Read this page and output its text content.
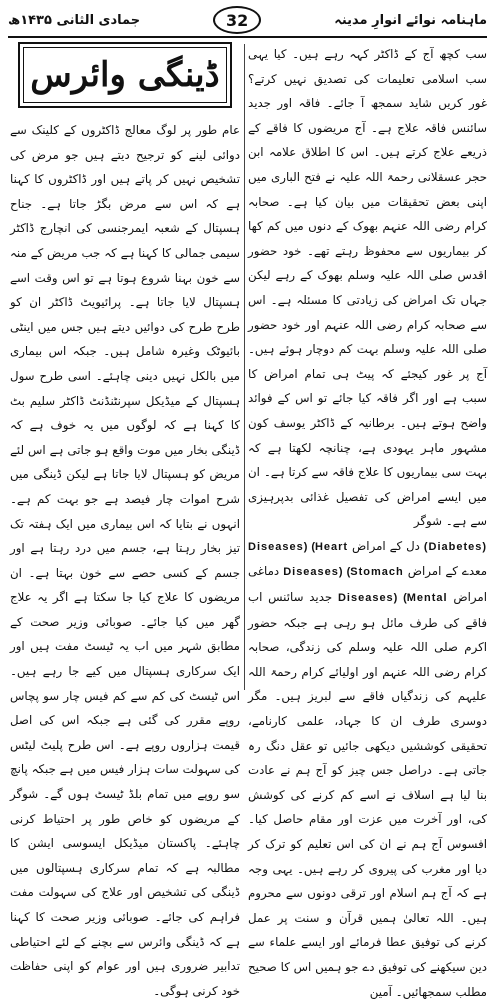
ماہنامہ نوائے انوارِ مدینہ
32
جمادی الثانی ۱۴۳۵ھ

سب کچھ آج کے ڈاکٹر کہہ رہے ہیں۔ کیا یہی سب اسلامی تعلیمات کی تصدیق نہیں کرتے؟ غور کریں شاید سمجھ آ جائے۔ فاقہ اور جدید سائنس فاقہ علاج ہے۔ آج مریضوں کا فاقے کے ذریعے علاج کرتے ہیں۔ اس کا اطلاق علامہ ابن حجر عسقلانی رحمۃ اللہ علیہ نے فتح الباری میں اپنی بعض تحقیقات میں بیان کیا ہے۔ صحابہ کرام رضی اللہ عنہم بھوک کے دنوں میں کم کھا کر بیماریوں سے محفوظ رہتے تھے۔ خود حضور اقدس صلی اللہ علیہ وسلم بھوک کے رہے لیکن جہاں تک امراض کی زیادتی کا مسئلہ ہے۔ اس سے صحابہ کرام رضی اللہ عنہم اور خود حضور صلی اللہ علیہ وسلم بہت کم دوچار ہوئے ہیں۔ آج پر غور کیجئے کہ پیٹ ہی تمام امراض کا سبب ہے اور اگر فاقہ کیا جائے تو اس کے فوائد واضح ہوتے ہیں۔ برطانیہ کے ڈاکٹر یوسف کون مشہور ماہر یہودی ہے، چنانچہ لکھتا ہے کہ بہت سی بیماریوں کا علاج فاقہ سے کرتا ہے۔ ان میں ایسے امراض کی تفصیل غذائی بدپرہیزی سے ہے۔ شوگر

(Diabetes) دل کے امراض (Heart Diseases) معدے کے امراض (Stomach Diseases) دماغی امراض (Mental Diseases) جدید سائنس اب فاقے کی طرف مائل ہو رہی ہے جبکہ حضور اکرم صلی اللہ علیہ وسلم کی زندگی، صحابہ کرام رضی اللہ عنہم اور اولیائے کرام رحمۃ اللہ علیہم کی زندگیاں فاقے سے لبریز ہیں۔ مگر دوسری طرف ان کا جہاد، علمی کارنامے، تحقیقی کوششیں دیکھی جائیں تو عقل دنگ رہ جاتی ہے۔ دراصل جس چیز کو آج ہم نے عادت بنا لیا ہے اسلاف نے اسے کم کرنے کی کوشش کی، اور آخرت میں عزت اور مقام حاصل کیا۔ افسوس آج ہم نے ان کی اس تعلیم کو ترک کر دیا اور مغرب کی پیروی کر رہے ہیں۔ یہی وجہ ہے کہ آج ہم اسلام اور ترقی دونوں سے محروم ہیں۔ اللہ تعالیٰ ہمیں قرآن و سنت پر عمل کرنے کی توفیق عطا فرمائے اور ایسے علماء سے دین سیکھنے کی توفیق دے جو ہمیں اس کا صحیح مطلب سمجھائیں۔ آمین

ڈینگی وائرس

عام طور پر لوگ معالج ڈاکٹروں کے کلینک سے دوائی لینے کو ترجیح دیتے ہیں جو مرض کی تشخیص نہیں کر پاتے ہیں اور ڈاکٹروں کا کہنا ہے کہ اس سے مرض بگڑ جاتا ہے۔ جناح ہسپتال کے شعبہ ایمرجنسی کی انچارج ڈاکٹر سیمی جمالی کا کہنا ہے کہ جب مریض کے منہ سے خون بہنا شروع ہوتا ہے تو اس وقت اسے ہسپتال لایا جاتا ہے۔ پرائیویٹ ڈاکٹر ان کو طرح طرح کی دوائیں دیتے ہیں جس میں اینٹی بائیوٹک وغیرہ شامل ہیں۔ جبکہ اس بیماری میں بالکل نہیں دینی چاہئے۔ اسی طرح سول ہسپتال کے میڈیکل سپرنٹنڈنٹ ڈاکٹر سلیم بٹ کا کہنا ہے کہ لوگوں میں یہ خوف ہے کہ ڈینگی بخار میں موت واقع ہو جاتی ہے اس لئے مریض کو ہسپتال لایا جاتا ہے لیکن ڈینگی میں شرح اموات چار فیصد ہے جو بہت کم ہے۔ انہوں نے بتایا کہ اس بیماری میں ایک ہفتہ تک تیز بخار رہتا ہے، جسم میں درد رہتا ہے اور جسم کے کسی حصے سے خون بہتا ہے۔ ان مریضوں کا علاج کیا جا سکتا ہے اگر یہ علاج گھر میں کیا جائے۔ صوبائی وزیر صحت کے مطابق شہر میں اب یہ ٹیسٹ مفت ہیں اور ایک سرکاری ہسپتال میں کیے جا رہے ہیں۔ اس ٹیسٹ کی کم سے کم فیس چار سو پچاس روپے مقرر کی گئی ہے جبکہ اس کی اصل قیمت ہزاروں روپے ہے۔ اس طرح پلیٹ لیٹس کی سہولت سات ہزار فیس میں ہے جبکہ پانچ سو روپے میں تمام بلڈ ٹیسٹ ہوں گے۔ شوگر کے مریضوں کو خاص طور پر احتیاط کرنی چاہئے۔ پاکستان میڈیکل ایسوسی ایشن کا مطالبہ ہے کہ تمام سرکاری ہسپتالوں میں ڈینگی کی تشخیص اور علاج کی سہولت مفت فراہم کی جائے۔ صوبائی وزیر صحت کا کہنا ہے کہ ڈینگی وائرس سے بچنے کے لئے احتیاطی تدابیر ضروری ہیں اور عوام کو اپنی حفاظت خود کرنی ہوگی۔
